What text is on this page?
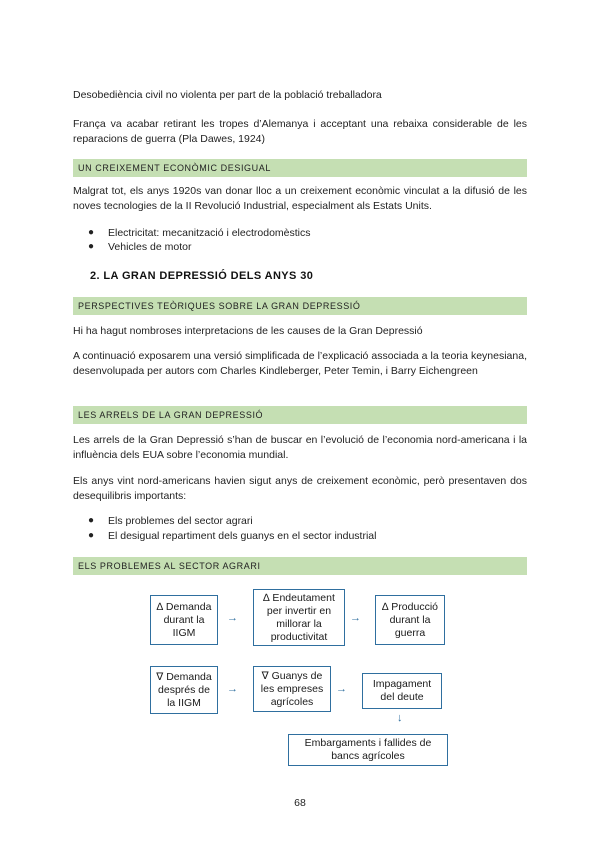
Desobediència civil no violenta per part de la població treballadora

França va acabar retirant les tropes d’Alemanya i acceptant una rebaixa considerable de les reparacions de guerra (Pla Dawes, 1924)

UN CREIXEMENT ECONÒMIC DESIGUAL

Malgrat tot, els anys 1920s van donar lloc a un creixement econòmic vinculat a la difusió de les noves tecnologies de la II Revolució Industrial, especialment als Estats Units.

● Electricitat: mecanització i electrodomèstics
● Vehicles de motor
2. LA GRAN DEPRESSIÓ DELS ANYS 30
PERSPECTIVES TEÒRIQUES SOBRE LA GRAN DEPRESSIÓ

Hi ha hagut nombroses interpretacions de les causes de la Gran Depressió

A continuació exposarem una versió simplificada de l’explicació associada a la teoria keynesiana, desenvolupada per autors com Charles Kindleberger, Peter Temin, i Barry Eichengreen

LES ARRELS DE LA GRAN DEPRESSIÓ

Les arrels de la Gran Depressió s’han de buscar en l’evolució de l’economia nord-americana i la influència dels EUA sobre l’economia mundial.

Els anys vint nord-americans havien sigut anys de creixement econòmic, però presentaven dos desequilibris importants:

● Els problemes del sector agrari
● El desigual repartiment dels guanys en el sector industrial
ELS PROBLEMES AL SECTOR AGRARI
∆ Demanda durant la IIGM
→
∆ Endeutament per invertir en millorar la productivitat
→
∆ Producció durant la guerra
∇ Demanda després de la IIGM
→
∇ Guanys de les empreses agrícoles
→	Impagament del deute
↓
Embargaments i fallides de bancs agrícoles
68
